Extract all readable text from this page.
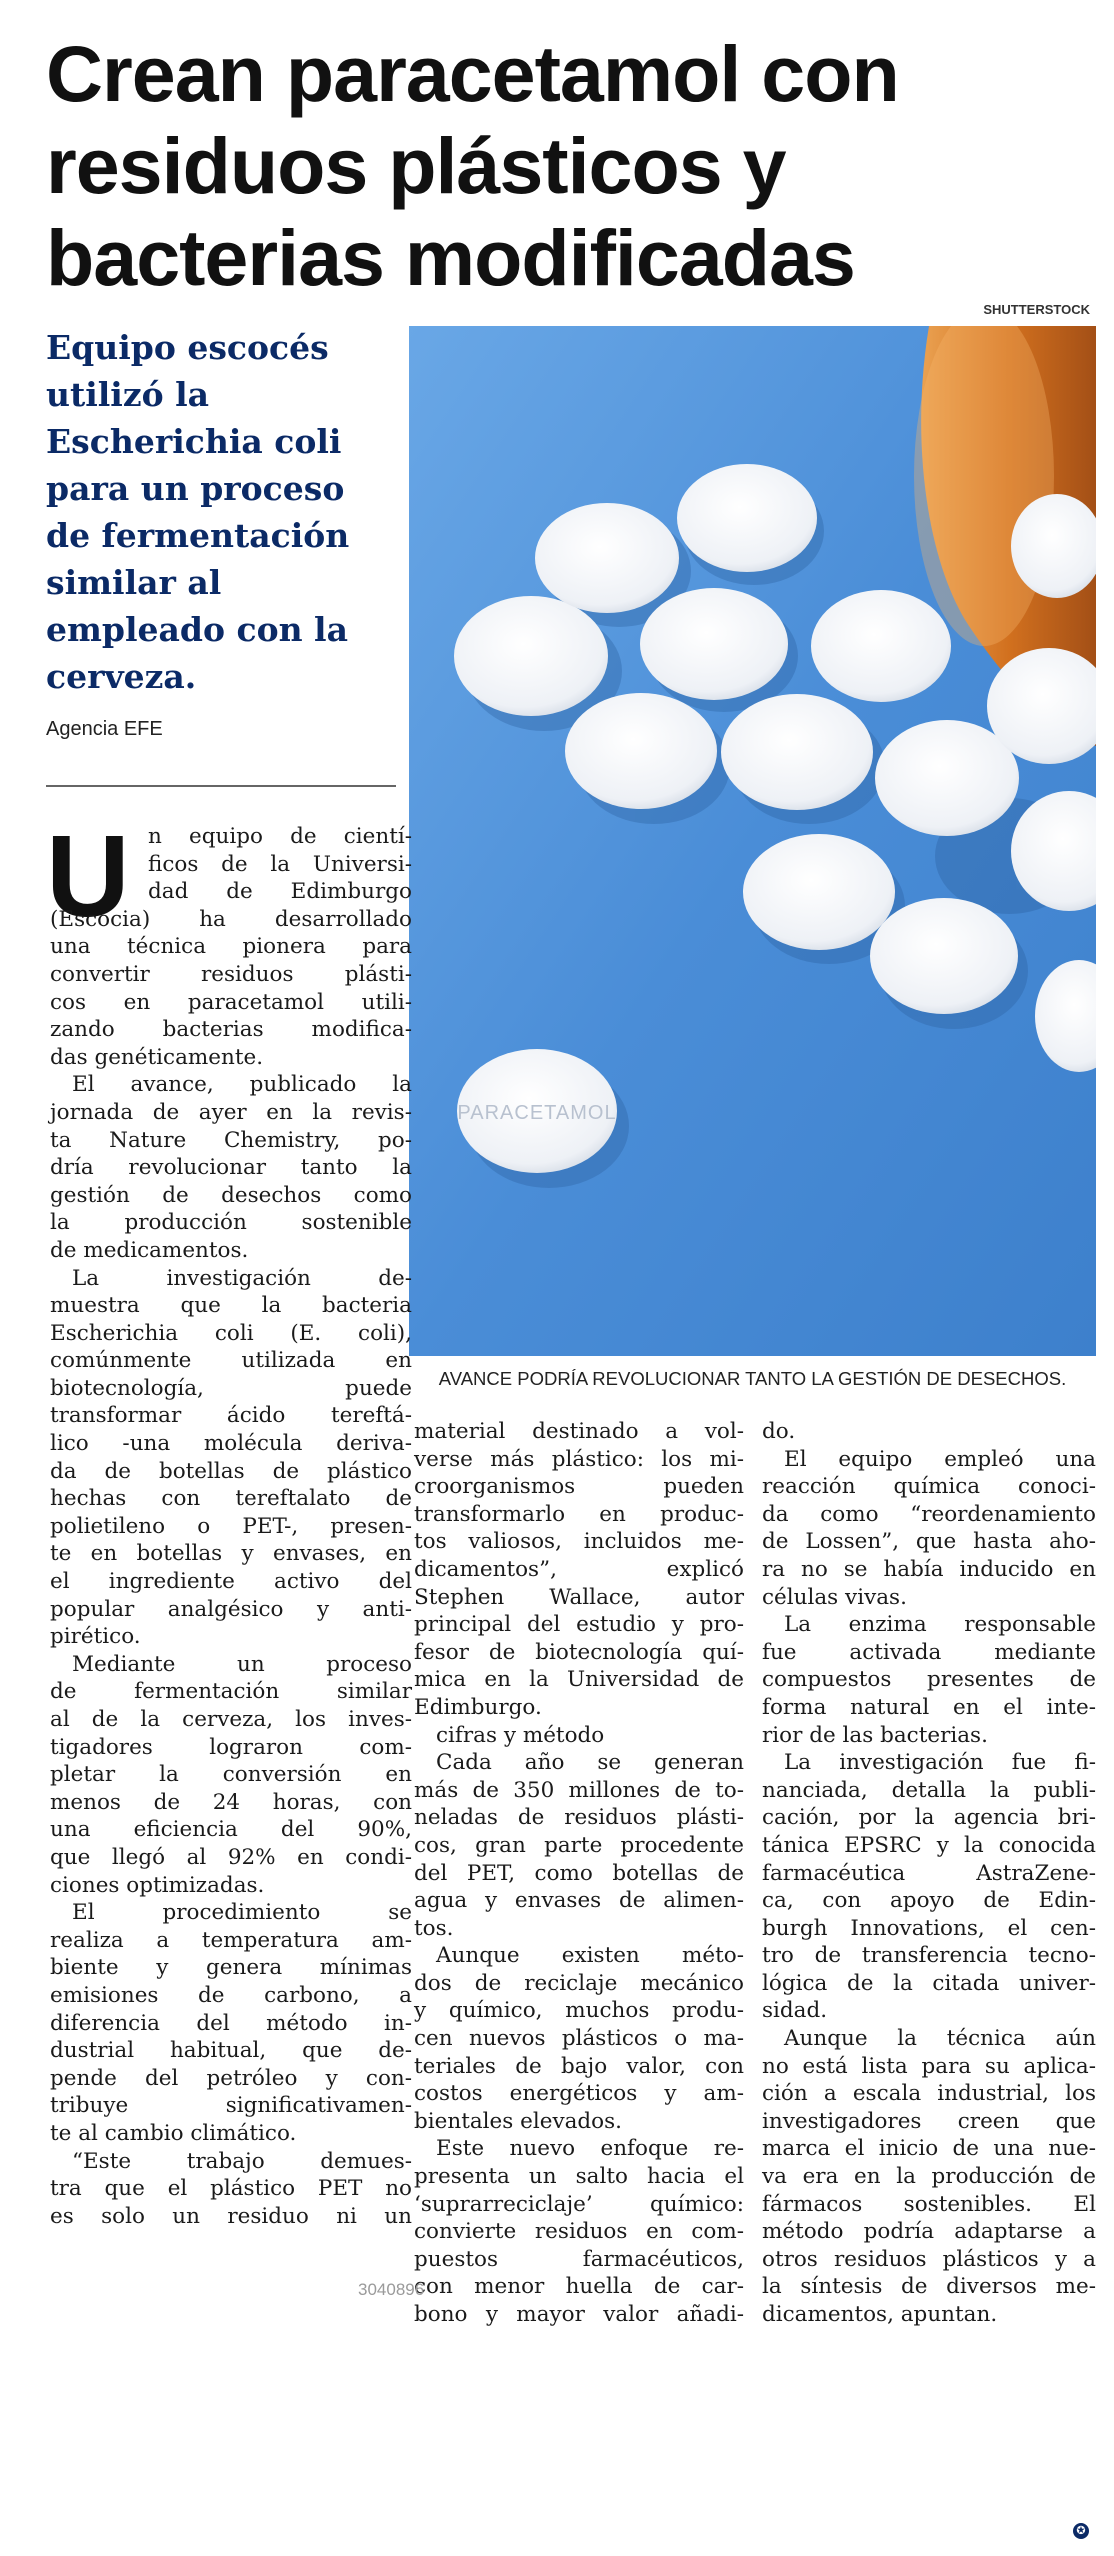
Crean paracetamol con
residuos plásticos y
bacterias modificadas
SHUTTERSTOCK
PARACETAMOL
AVANCE PODRÍA REVOLUCIONAR TANTO LA GESTIÓN DE DESECHOS.
Equipo escocés
utilizó la
Escherichia coli
para un proceso
de fermentación
similar al
empleado con la
cerveza.
Agencia EFE
U n equipo de cientí-
ficos de la Universi-
dad de Edimburgo
(Escocia) ha desarrollado
una técnica pionera para
convertir residuos plásti-
cos en paracetamol utili-
zando bacterias modifica-
das genéticamente.
El avance, publicado la
jornada de ayer en la revis-
ta Nature Chemistry, po-
dría revolucionar tanto la
gestión de desechos como
la producción sostenible
de medicamentos.
La investigación de-
muestra que la bacteria
Escherichia coli (E. coli),
comúnmente utilizada en
biotecnología, puede
transformar ácido tereftá-
lico -una molécula deriva-
da de botellas de plástico
hechas con tereftalato de
polietileno o PET-, presen-
te en botellas y envases, en
el ingrediente activo del
popular analgésico y anti-
pirético.
Mediante un proceso
de fermentación similar
al de la cerveza, los inves-
tigadores lograron com-
pletar la conversión en
menos de 24 horas, con
una eficiencia del 90%,
que llegó al 92% en condi-
ciones optimizadas.
El procedimiento se
realiza a temperatura am-
biente y genera mínimas
emisiones de carbono, a
diferencia del método in-
dustrial habitual, que de-
pende del petróleo y con-
tribuye significativamen-
te al cambio climático.
“Este trabajo demues-
tra que el plástico PET no
es solo un residuo ni un
material destinado a vol-
verse más plástico: los mi-
croorganismos pueden
transformarlo en produc-
tos valiosos, incluidos me-
dicamentos”, explicó
Stephen Wallace, autor
principal del estudio y pro-
fesor de biotecnología quí-
mica en la Universidad de
Edimburgo.
cifras y método
Cada año se generan
más de 350 millones de to-
neladas de residuos plásti-
cos, gran parte procedente
del PET, como botellas de
agua y envases de alimen-
tos.
Aunque existen méto-
dos de reciclaje mecánico
y químico, muchos produ-
cen nuevos plásticos o ma-
teriales de bajo valor, con
costos energéticos y am-
bientales elevados.
Este nuevo enfoque re-
presenta un salto hacia el
‘suprarreciclaje’ químico:
convierte residuos en com-
puestos farmacéuticos,
con menor huella de car-
bono y mayor valor añadi-
do.
El equipo empleó una
reacción química conoci-
da como “reordenamiento
de Lossen”, que hasta aho-
ra no se había inducido en
células vivas.
La enzima responsable
fue activada mediante
compuestos presentes de
forma natural en el inte-
rior de las bacterias.
La investigación fue fi-
nanciada, detalla la publi-
cación, por la agencia bri-
tánica EPSRC y la conocida
farmacéutica AstraZene-
ca, con apoyo de Edin-
burgh Innovations, el cen-
tro de transferencia tecno-
lógica de la citada univer-
sidad.
Aunque la técnica aún
no está lista para su aplica-
ción a escala industrial, los
investigadores creen que
marca el inicio de una nue-
va era en la producción de
fármacos sostenibles. El
método podría adaptarse a
otros residuos plásticos y a
la síntesis de diversos me-
dicamentos, apuntan.
3040896
✪
